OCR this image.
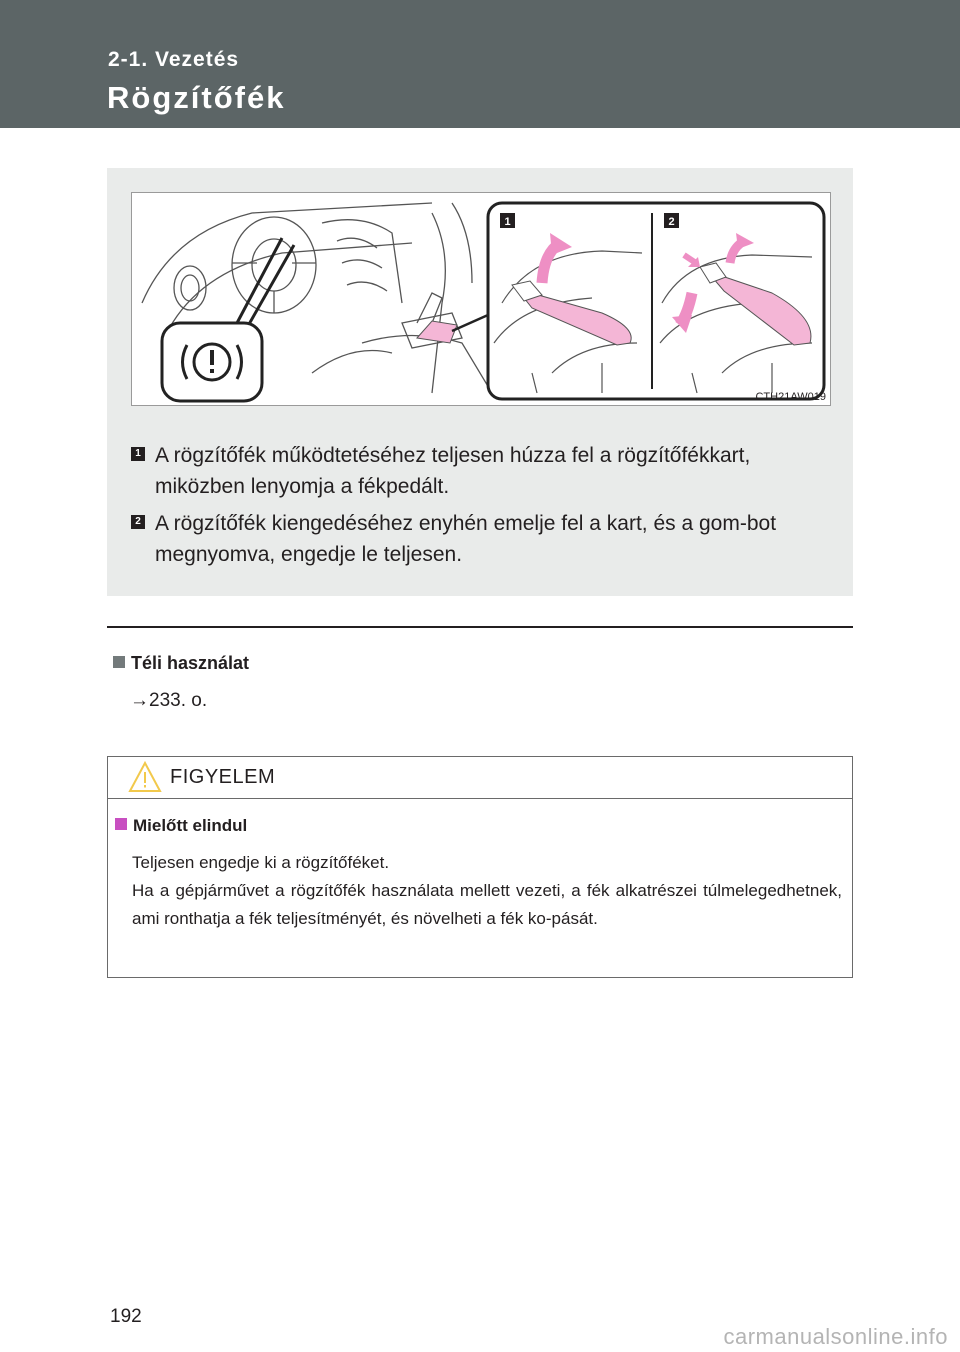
2-1. Vezetés
Rögzítőfék
1	2
CTH21AW019
1 A rögzítőfék működtetéséhez teljesen húzza fel a rögzítőfékkart, miközben lenyomja a fékpedált.
2 A rögzítőfék kiengedéséhez enyhén emelje fel a kart, és a gom-bot megnyomva, engedje le teljesen.
Téli használat
→233. o.
FIGYELEM
Mielőtt elindul

Teljesen engedje ki a rögzítőféket.

Ha a gépjárművet a rögzítőfék használata mellett vezeti, a fék alkatrészei túlmelegedhetnek, ami ronthatja a fék teljesítményét, és növelheti a fék ko-pását.

192
carmanualsonline.info
